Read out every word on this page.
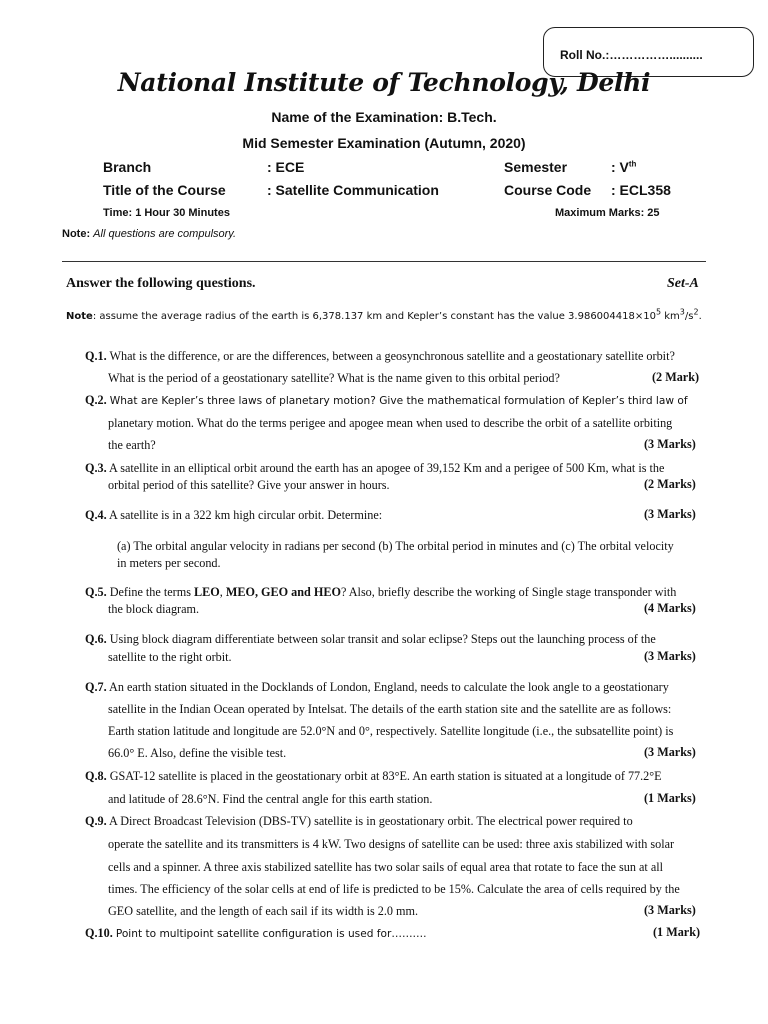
Roll No.:……………..........
National Institute of Technology, Delhi
Name of the Examination: B.Tech.
Mid Semester Examination (Autumn, 2020)
Branch	: ECE	Semester	: Vth
Title of the Course	: Satellite Communication	Course Code : ECL358
Time: 1 Hour 30 Minutes	Maximum Marks: 25
Note: All questions are compulsory.
Answer the following questions.	Set-A
Note: assume the average radius of the earth is 6,378.137 km and Kepler’s constant has the value $3.986004418\times 10^5$ $km^3/s^2$.
Q.1. What is the difference, or are the differences, between a geosynchronous satellite and a geostationary satellite orbit?
What is the period of a geostationary satellite? What is the name given to this orbital period?	(2 Mark)
Q.2. What are Kepler’s three laws of planetary motion? Give the mathematical formulation of Kepler’s third law of
planetary motion. What do the terms perigee and apogee mean when used to describe the orbit of a satellite orbiting
the earth?	(3 Marks)
Q.3. A satellite in an elliptical orbit around the earth has an apogee of 39,152 Km and a perigee of 500 Km, what is the
orbital period of this satellite? Give your answer in hours.	(2 Marks)
Q.4. A satellite is in a 322 km high circular orbit. Determine:	(3 Marks)
(a) The orbital angular velocity in radians per second (b) The orbital period in minutes and (c) The orbital velocity
in meters per second.
Q.5. Define the terms LEO, MEO, GEO and HEO? Also, briefly describe the working of Single stage transponder with
the block diagram.	(4 Marks)
Q.6. Using block diagram differentiate between solar transit and solar eclipse? Steps out the launching process of the
satellite to the right orbit.	(3 Marks)
Q.7. An earth station situated in the Docklands of London, England, needs to calculate the look angle to a geostationary
satellite in the Indian Ocean operated by Intelsat. The details of the earth station site and the satellite are as follows:
Earth station latitude and longitude are 52.0°N and 0°, respectively. Satellite longitude (i.e., the subsatellite point) is
66.0° E. Also, define the visible test.	(3 Marks)
Q.8. GSAT-12 satellite is placed in the geostationary orbit at 83°E. An earth station is situated at a longitude of 77.2°E
and latitude of 28.6°N. Find the central angle for this earth station.	(1 Marks)
Q.9. A Direct Broadcast Television (DBS-TV) satellite is in geostationary orbit. The electrical power required to
operate the satellite and its transmitters is 4 kW. Two designs of satellite can be used: three axis stabilized with solar
cells and a spinner. A three axis stabilized satellite has two solar sails of equal area that rotate to face the sun at all
times. The efficiency of the solar cells at end of life is predicted to be 15%. Calculate the area of cells required by the
GEO satellite, and the length of each sail if its width is 2.0 mm.	(3 Marks)
Q.10. Point to multipoint satellite configuration is used for……….	(1 Mark)
